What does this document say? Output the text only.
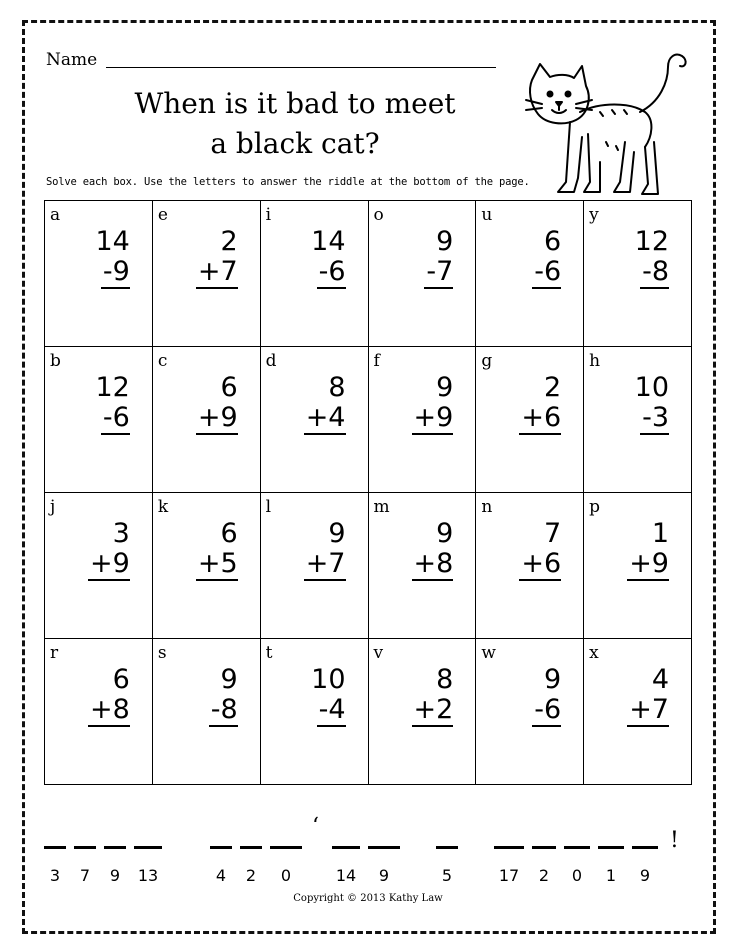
Name
When is it bad to meet
a black cat?
Solve each box. Use the letters to answer the riddle at the bottom of the page.
a
14
-9
e
2
+7
i
14
-6
o
9
-7
u
6
-6
y
12
-8
b
12
-6
c
6
+9
d
8
+4
f
9
+9
g
2
+6
h
10
-3
j
3
+9
k
6
+5
l
9
+7
m
9
+8
n
7
+6
p
1
+9
r
6
+8
s
9
-8
t
10
-4
v
8
+2
w
9
-6
x
4
+7
‘
!
3	7	9	13	4	2	0	14	9	5	17	2	0	1	9
Copyright © 2013 Kathy Law
